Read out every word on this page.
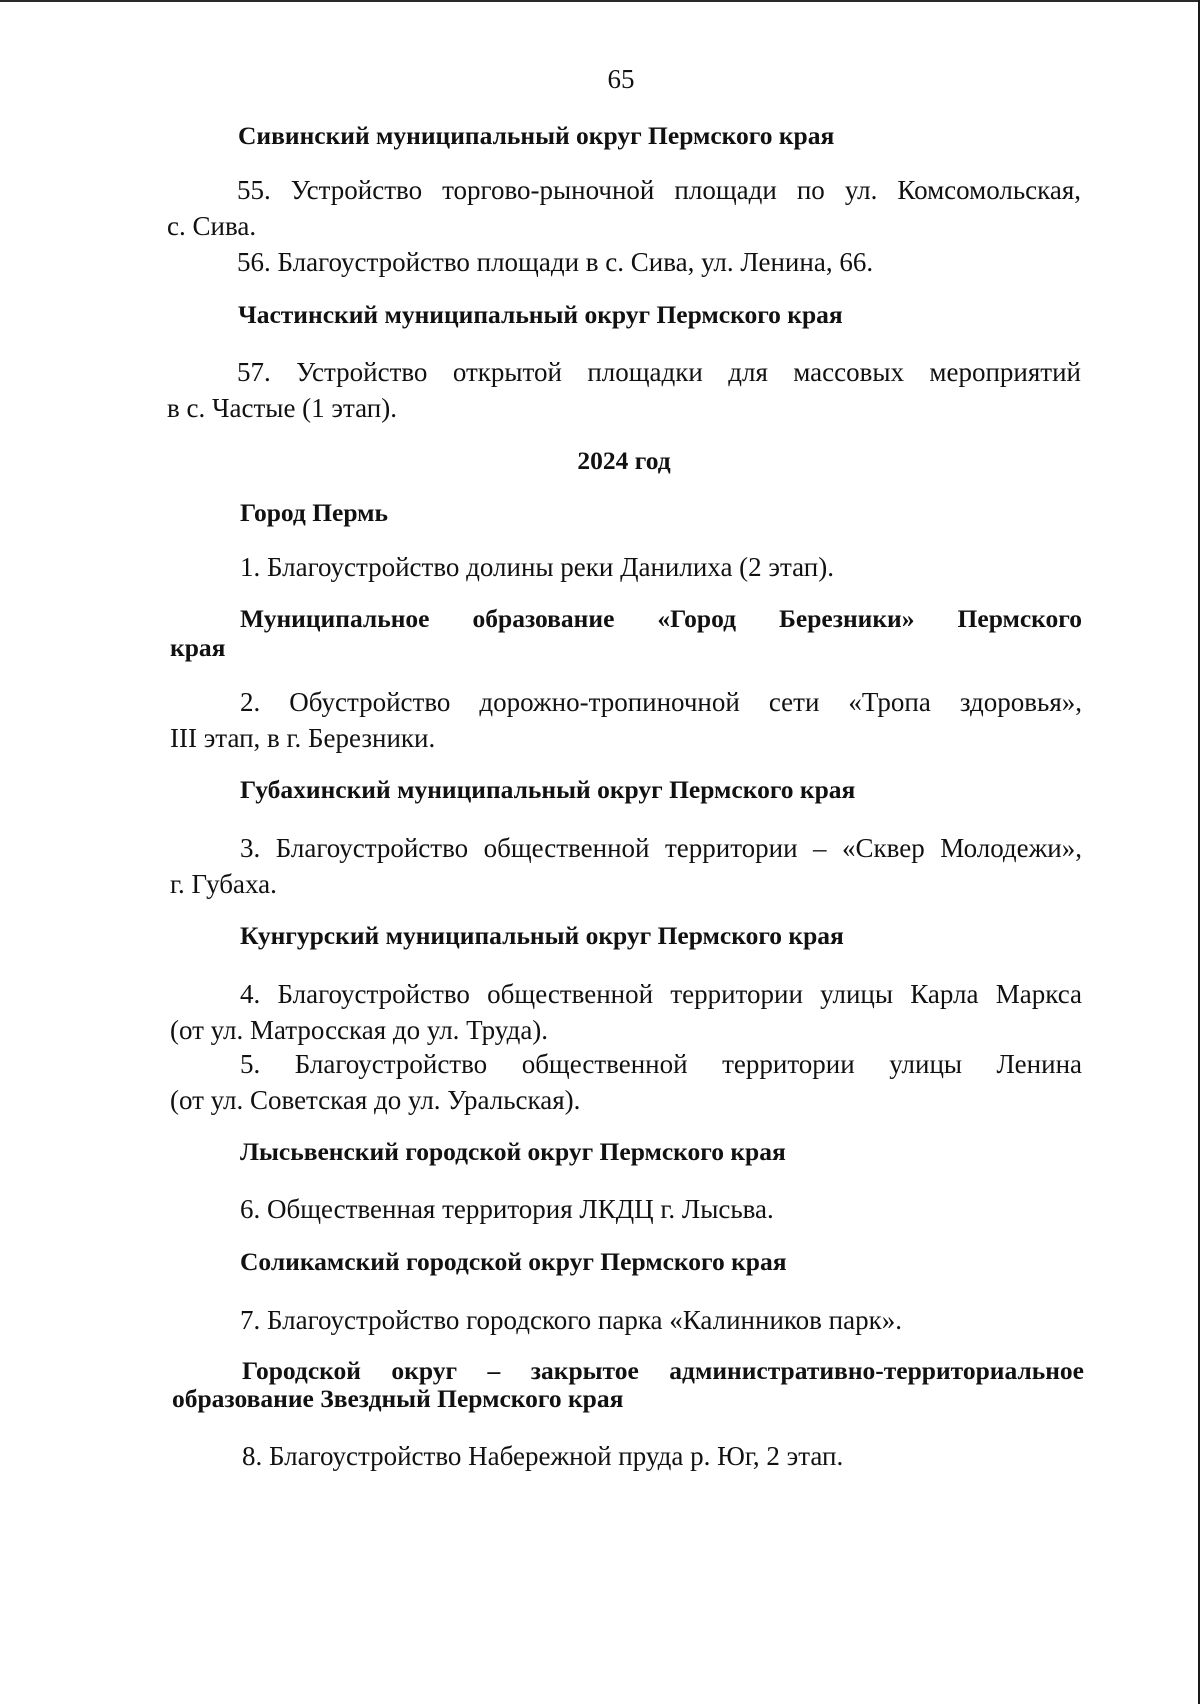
65
Сивинский муниципальный округ Пермского края
55. Устройство торгово-рыночной площади по ул. Комсомольская,
с. Сива.
56. Благоустройство площади в с. Сива, ул. Ленина, 66.
Частинский муниципальный округ Пермского края
57. Устройство открытой площадки для массовых мероприятий
в с. Частые (1 этап).
2024 год
Город Пермь
1. Благоустройство долины реки Данилиха (2 этап).
Муниципальное образование «Город Березники» Пермского
края
2. Обустройство дорожно-тропиночной сети «Тропа здоровья»,
III этап, в г. Березники.
Губахинский муниципальный округ Пермского края
3. Благоустройство общественной территории – «Сквер Молодежи»,
г. Губаха.
Кунгурский муниципальный округ Пермского края
4. Благоустройство общественной территории улицы Карла Маркса
(от ул. Матросская до ул. Труда).
5. Благоустройство общественной территории улицы Ленина
(от ул. Советская до ул. Уральская).
Лысьвенский городской округ Пермского края
6. Общественная территория ЛКДЦ г. Лысьва.
Соликамский городской округ Пермского края
7. Благоустройство городского парка «Калинников парк».
Городской округ – закрытое административно-территориальное
образование Звездный Пермского края
8. Благоустройство Набережной пруда р. Юг, 2 этап.
